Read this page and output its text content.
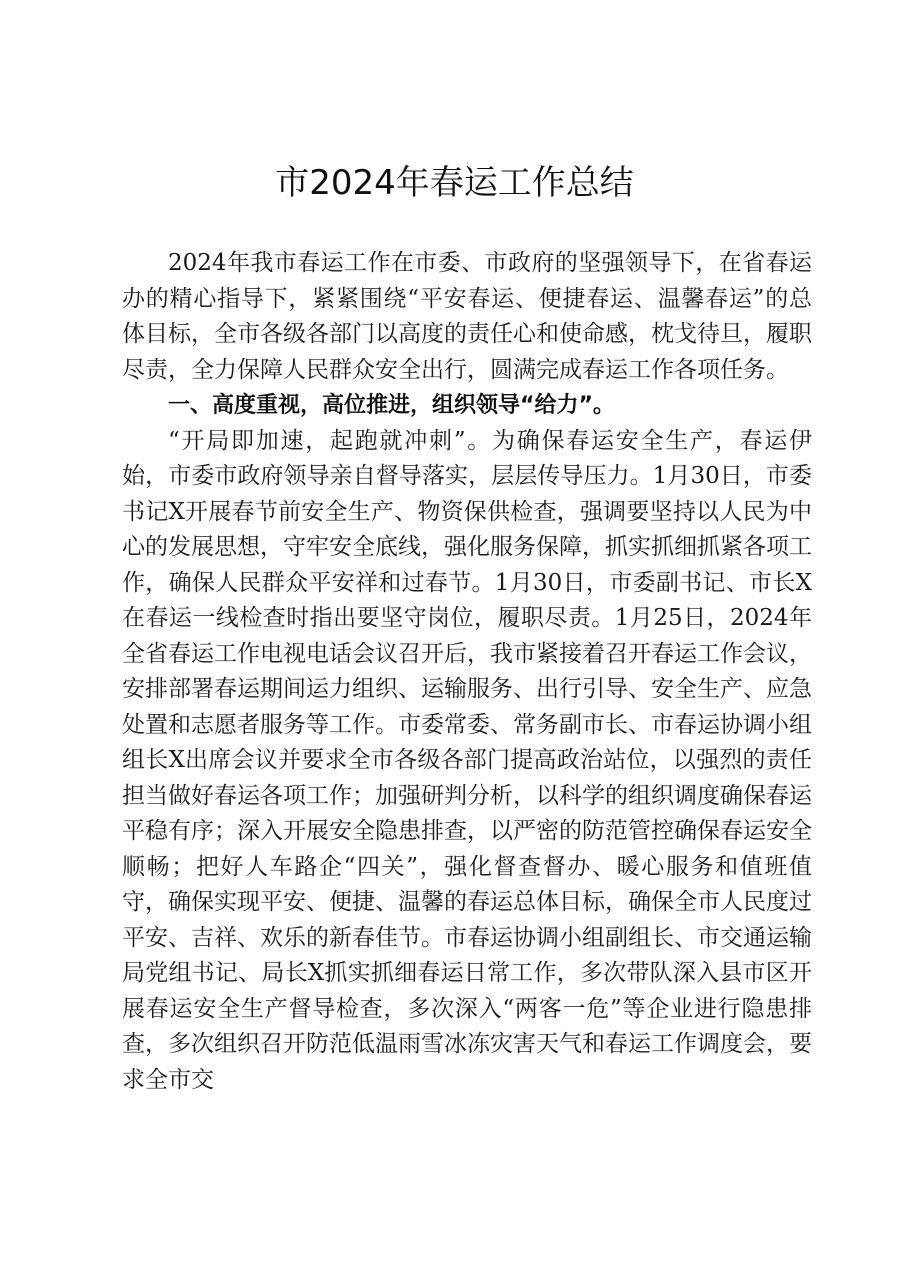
市2024年春运工作总结

2024年我市春运工作在市委、市政府的坚强领导下，在省春运办的精心指导下，紧紧围绕“平安春运、便捷春运、温馨春运”的总体目标，全市各级各部门以高度的责任心和使命感，枕戈待旦，履职尽责，全力保障人民群众安全出行，圆满完成春运工作各项任务。

一、高度重视，高位推进，组织领导“给力”。

“开局即加速，起跑就冲刺”。为确保春运安全生产，春运伊始，市委市政府领导亲自督导落实，层层传导压力。1月30日，市委书记X开展春节前安全生产、物资保供检查，强调要坚持以人民为中心的发展思想，守牢安全底线，强化服务保障，抓实抓细抓紧各项工作，确保人民群众平安祥和过春节。1月30日，市委副书记、市长X在春运一线检查时指出要坚守岗位，履职尽责。1月25日，2024年全省春运工作电视电话会议召开后，我市紧接着召开春运工作会议，安排部署春运期间运力组织、运输服务、出行引导、安全生产、应急处置和志愿者服务等工作。市委常委、常务副市长、市春运协调小组组长X出席会议并要求全市各级各部门提高政治站位，以强烈的责任担当做好春运各项工作；加强研判分析，以科学的组织调度确保春运平稳有序；深入开展安全隐患排查，以严密的防范管控确保春运安全顺畅；把好人车路企“四关”，强化督查督办、暖心服务和值班值守，确保实现平安、便捷、温馨的春运总体目标，确保全市人民度过平安、吉祥、欢乐的新春佳节。市春运协调小组副组长、市交通运输局党组书记、局长X抓实抓细春运日常工作，多次带队深入县市区开展春运安全生产督导检查，多次深入“两客一危”等企业进行隐患排查，多次组织召开防范低温雨雪冰冻灾害天气和春运工作调度会，要求全市交
